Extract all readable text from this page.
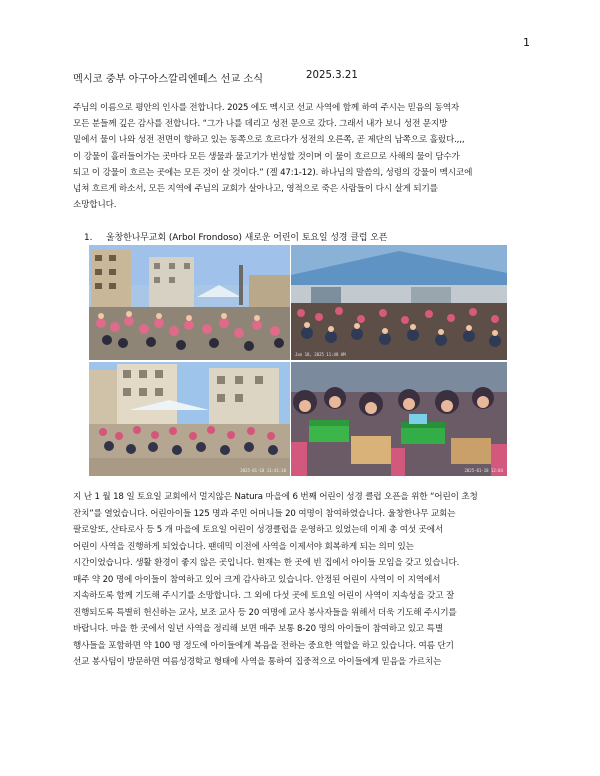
1
멕시코 중부 아구아스깔리엔떼스 선교 소식	2025.3.21
주님의 이름으로 평안의 인사를 전합니다. 2025 에도 멕시코 선교 사역에 함께 하여 주시는 믿음의 동역자
모든 분들께 깊은 감사를 전합니다. “그가 나를 데리고 성전 문으로 갔다. 그래서 내가 보니 성전 문지방
밑에서 물이 나와 성전 전면이 향하고 있는 동쪽으로 흐르다가 성전의 오른쪽, 곧 제단의 남쪽으로 흘렀다.,,,
이 강물이 흘러들어가는 곳마다 모든 생물과 물고기가 번성할 것이며 이 물이 흐르므로 사해의 물이 담수가
되고 이 강물이 흐르는 곳에는 모든 것이 살 것이다.” (겔 47:1-12). 하나님의 말씀의, 성령의 강물이 멕시코에
넘쳐 흐르게 하소서, 모든 지역에 주님의 교회가 살아나고, 영적으로 죽은 사람들이 다시 살게 되기를
소망합니다.
1. 울창한나무교회 (Arbol Frondoso) 새로운 어린이 토요일 성경 클럽 오픈
Jan 18, 2025 11:48 AM
2025-01-18 11:41:18	2025-01-18 12:04
지 난 1 월 18 일 토요일 교회에서 멀지않은 Natura 마을에 6 번째 어린이 성경 클럽 오픈을 위한 “어린이 초청
잔치”를 열었습니다. 어린아이들 125 명과 주민 어머니들 20 여명이 참여하였습니다. 울창한나무 교회는
팔로알또, 산타로사 등 5 개 마을에 토요일 어린이 성경클럽을 운영하고 있었는데 이제 총 여섯 곳에서
어린이 사역을 진행하게 되었습니다. 팬데믹 이전에 사역을 이제서야 회복하게 되는 의미 있는
시간이었습니다. 생활 환경이 좋지 않은 곳입니다. 현재는 한 곳에 빈 집에서 아이들 모임을 갖고 있습니다.
매주 약 20 명에 아이들이 참여하고 있어 크게 감사하고 있습니다. 안정된 어린이 사역이 이 지역에서
지속하도록 함께 기도해 주시기를 소망합니다. 그 외에 다섯 곳에 토요일 어린이 사역이 지속성을 갖고 잘
진행되도록 특별히 헌신하는 교사, 보조 교사 등 20 여명에 교사 봉사자들을 위해서 더욱 기도해 주시기를
바랍니다. 마을 한 곳에서 일년 사역을 정리해 보면 매주 보통 8-20 명의 아이들이 참여하고 있고 특별
행사들을 포함하면 약 100 명 정도에 아이들에게 복음을 전하는 중요한 역할을 하고 있습니다. 여름 단기
선교 봉사팀이 방문하면 여름성경학교 형태에 사역을 통하여 집중적으로 아이들에게 믿음을 가르치는
